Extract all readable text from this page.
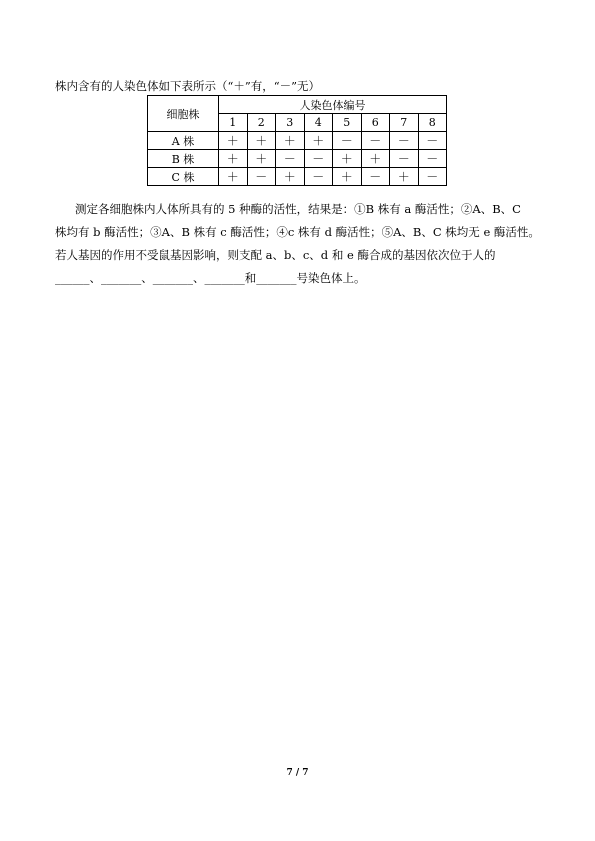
株内含有的人染色体如下表所示（“＋”有，“－”无）
细胞株	人染色体编号							
	1	2	3	4	5	6	7	8
A 株	＋	＋	＋	＋	－	－	－	－
B 株	＋	＋	－	－	＋	＋	－	－
C 株	＋	－	＋	－	＋	－	＋	－
测定各细胞株内人体所具有的 5 种酶的活性，结果是：①B 株有 a 酶活性；②A、B、C
株均有 b 酶活性；③A、B 株有 c 酶活性；④c 株有 d 酶活性；⑤A、B、C 株均无 e 酶活性。
若人基因的作用不受鼠基因影响，则支配 a、b、c、d 和 e 酶合成的基因依次位于人的
______、_______、_______、_______和_______号染色体上。
7 / 7
